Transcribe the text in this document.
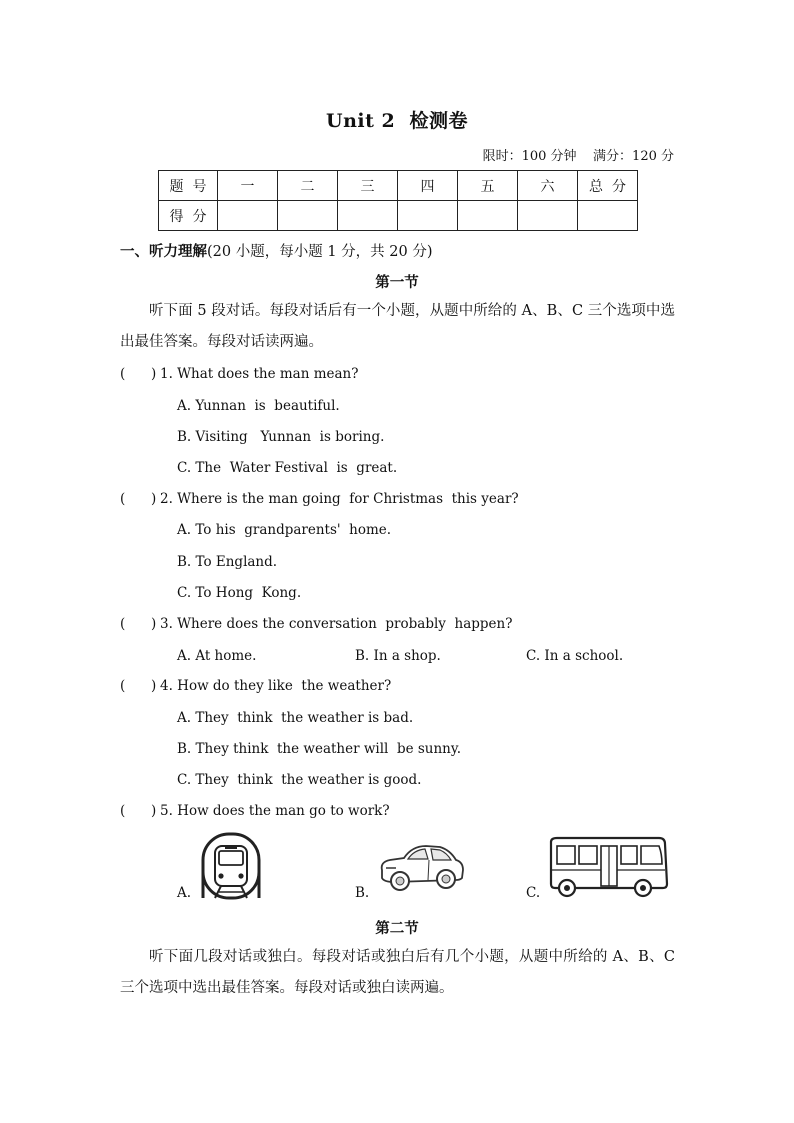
Unit 2  检测卷
限时：100 分钟    满分：120 分
题  号	一	二	三	四	五	六	总  分
得  分							
一、听力理解(20 小题，每小题 1 分，共 20 分)
第一节
听下面 5 段对话。每段对话后有一个小题，从题中所给的 A、B、C 三个选项中选出最佳答案。每段对话读两遍。
(      ) 1. What does the man mean?
A. Yunnan  is  beautiful.
B. Visiting   Yunnan  is boring.
C. The  Water Festival  is  great.
(      ) 2. Where is the man going  for Christmas  this year?
A. To his  grandparents'  home.
B. To England.
C. To Hong  Kong.
(      ) 3. Where does the conversation  probably  happen?
A. At home.	B. In a shop.	C. In a school.
(      ) 4. How do they like  the weather?
A. They  think  the weather is bad.
B. They think  the weather will  be sunny.
C. They  think  the weather is good.
(      ) 5. How does the man go to work?
A.	B.	C.
第二节
听下面几段对话或独白。每段对话或独白后有几个小题，从题中所给的 A、B、C 三个选项中选出最佳答案。每段对话或独白读两遍。
